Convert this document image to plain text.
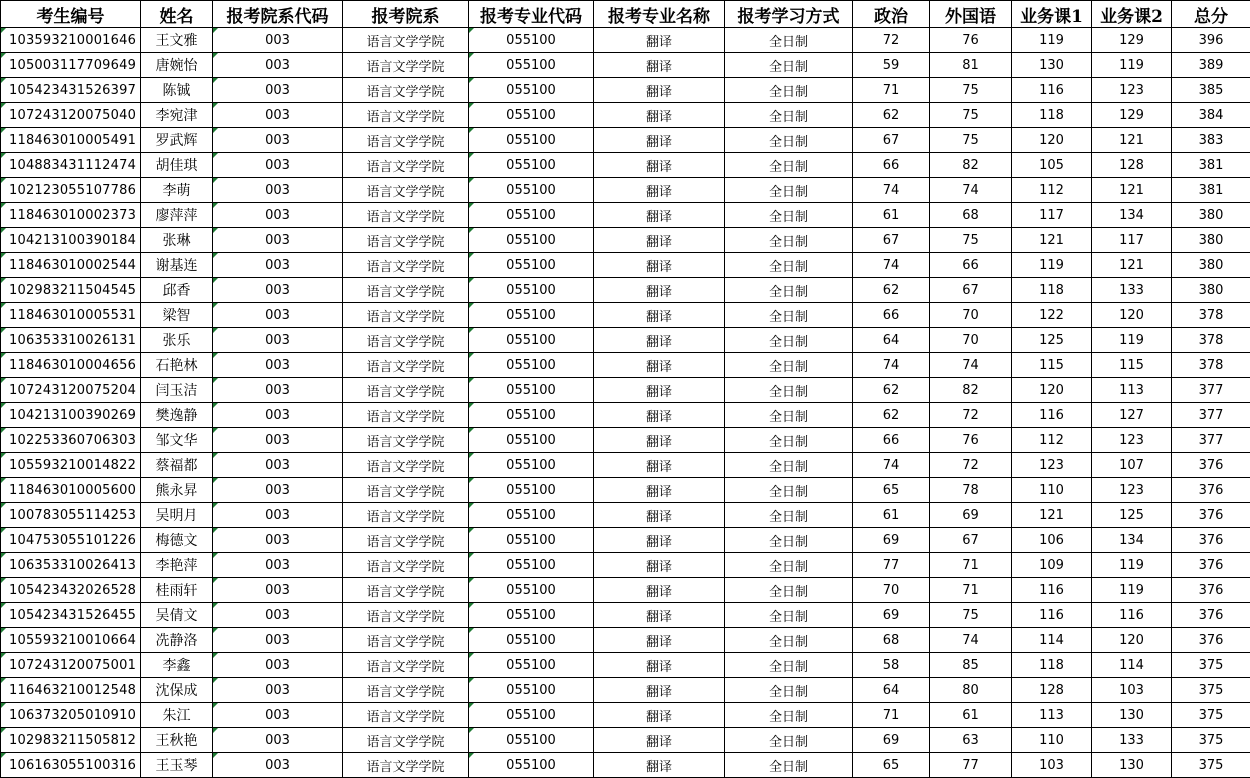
考生编号	姓名	报考院系代码	报考院系	报考专业代码	报考专业名称	报考学习方式	政治	外国语	业务课1	业务课2	总分
103593210001646	王文雅	003	语言文学学院	055100	翻译	全日制	72	76	119	129	396
105003117709649	唐婉怡	003	语言文学学院	055100	翻译	全日制	59	81	130	119	389
105423431526397	陈铖	003	语言文学学院	055100	翻译	全日制	71	75	116	123	385
107243120075040	李宛津	003	语言文学学院	055100	翻译	全日制	62	75	118	129	384
118463010005491	罗武辉	003	语言文学学院	055100	翻译	全日制	67	75	120	121	383
104883431112474	胡佳琪	003	语言文学学院	055100	翻译	全日制	66	82	105	128	381
102123055107786	李萌	003	语言文学学院	055100	翻译	全日制	74	74	112	121	381
118463010002373	廖萍萍	003	语言文学学院	055100	翻译	全日制	61	68	117	134	380
104213100390184	张琳	003	语言文学学院	055100	翻译	全日制	67	75	121	117	380
118463010002544	谢基连	003	语言文学学院	055100	翻译	全日制	74	66	119	121	380
102983211504545	邱香	003	语言文学学院	055100	翻译	全日制	62	67	118	133	380
118463010005531	梁智	003	语言文学学院	055100	翻译	全日制	66	70	122	120	378
106353310026131	张乐	003	语言文学学院	055100	翻译	全日制	64	70	125	119	378
118463010004656	石艳林	003	语言文学学院	055100	翻译	全日制	74	74	115	115	378
107243120075204	闫玉洁	003	语言文学学院	055100	翻译	全日制	62	82	120	113	377
104213100390269	樊逸静	003	语言文学学院	055100	翻译	全日制	62	72	116	127	377
102253360706303	邹文华	003	语言文学学院	055100	翻译	全日制	66	76	112	123	377
105593210014822	蔡福都	003	语言文学学院	055100	翻译	全日制	74	72	123	107	376
118463010005600	熊永昇	003	语言文学学院	055100	翻译	全日制	65	78	110	123	376
100783055114253	吴明月	003	语言文学学院	055100	翻译	全日制	61	69	121	125	376
104753055101226	梅德文	003	语言文学学院	055100	翻译	全日制	69	67	106	134	376
106353310026413	李艳萍	003	语言文学学院	055100	翻译	全日制	77	71	109	119	376
105423432026528	桂雨轩	003	语言文学学院	055100	翻译	全日制	70	71	116	119	376
105423431526455	吴倩文	003	语言文学学院	055100	翻译	全日制	69	75	116	116	376
105593210010664	冼静洛	003	语言文学学院	055100	翻译	全日制	68	74	114	120	376
107243120075001	李鑫	003	语言文学学院	055100	翻译	全日制	58	85	118	114	375
116463210012548	沈保成	003	语言文学学院	055100	翻译	全日制	64	80	128	103	375
106373205010910	朱江	003	语言文学学院	055100	翻译	全日制	71	61	113	130	375
102983211505812	王秋艳	003	语言文学学院	055100	翻译	全日制	69	63	110	133	375
106163055100316	王玉琴	003	语言文学学院	055100	翻译	全日制	65	77	103	130	375
